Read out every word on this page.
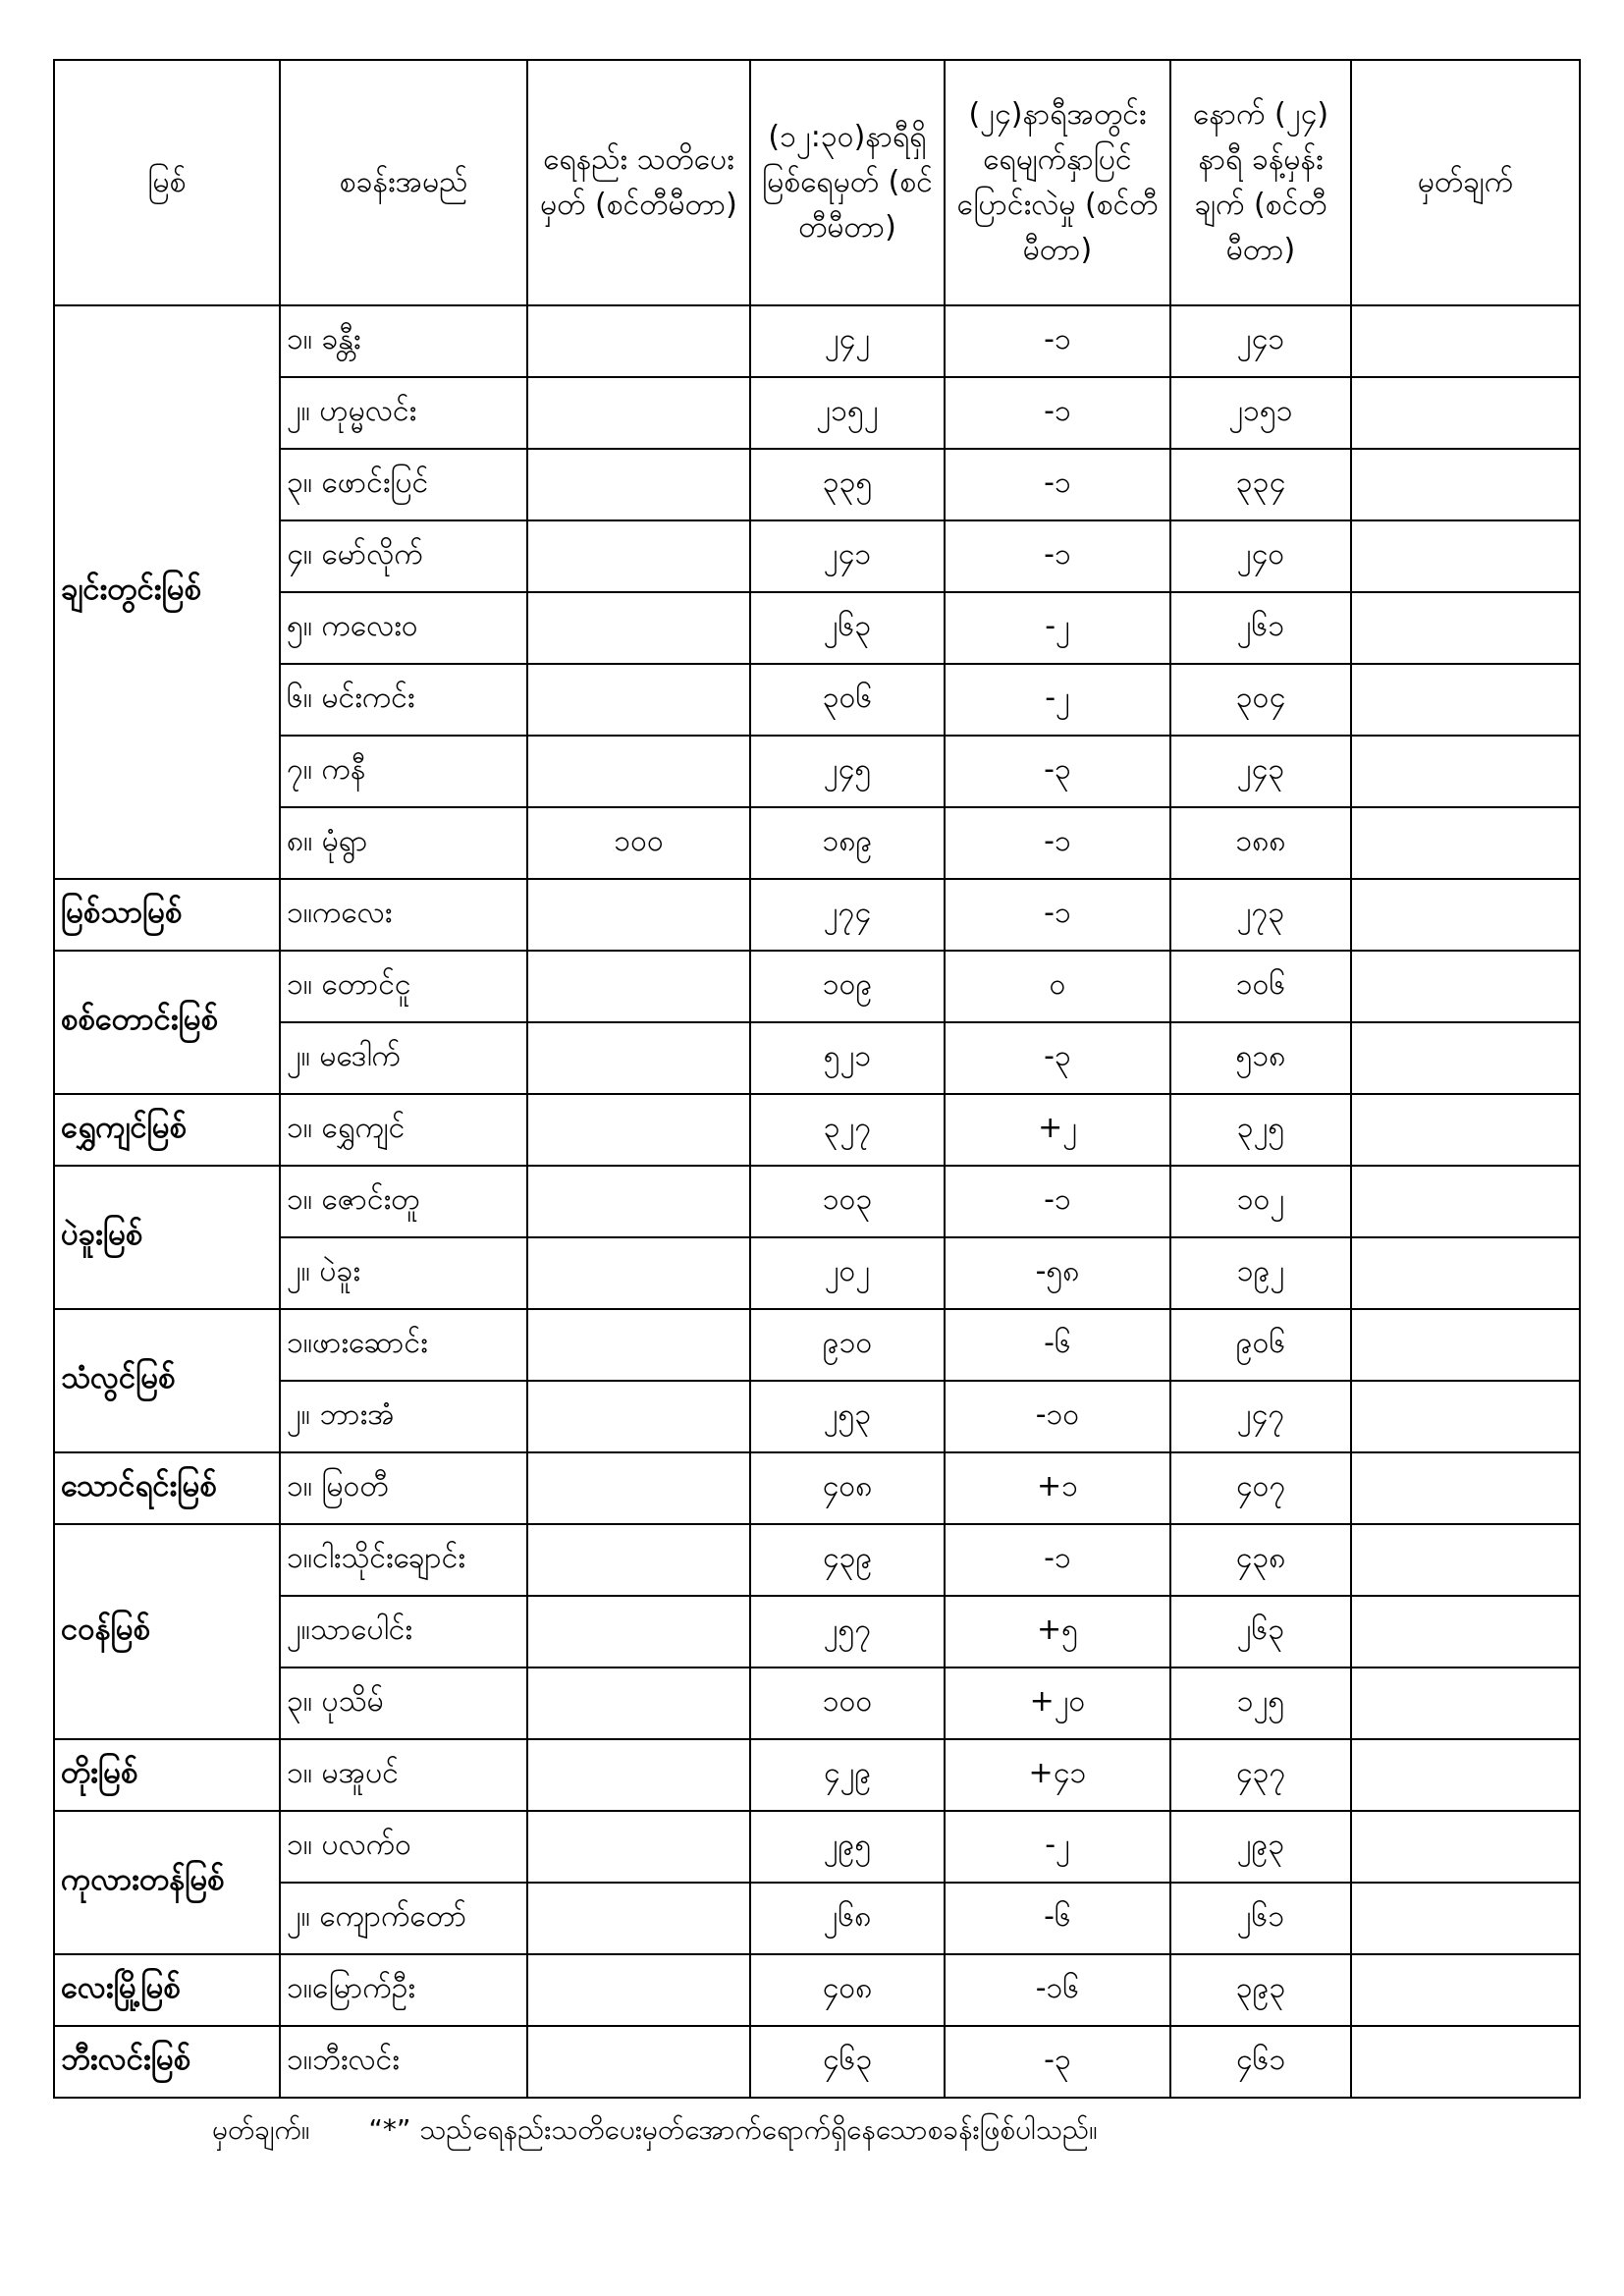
မြစ်	စခန်းအမည်	ရေနည်း သတိပေးမှတ် (စင်တီမီတာ)	(၁၂:၃၀)နာရီရှိ မြစ်ရေမှတ် (စင်တီမီတာ)	(၂၄)နာရီအတွင်း ရေမျက်နှာပြင် ပြောင်းလဲမှု (စင်တီမီတာ)	နောက် (၂၄) နာရီ ခန့်မှန်းချက် (စင်တီမီတာ)	မှတ်ချက်
ချင်းတွင်းမြစ်	၁။ ခန္တီး		၂၄၂	-၁	၂၄၁	
	၂။ ဟုမ္မလင်း		၂၁၅၂	-၁	၂၁၅၁	
	၃။ ဖောင်းပြင်		၃၃၅	-၁	၃၃၄	
	၄။ မော်လိုက်		၂၄၁	-၁	၂၄၀	
	၅။ ကလေးဝ		၂၆၃	-၂	၂၆၁	
	၆။ မင်းကင်း		၃၀၆	-၂	၃၀၄	
	၇။ ကနီ		၂၄၅	-၃	၂၄၃	
	၈။ မုံရွာ	၁၀၀	၁၈၉	-၁	၁၈၈	
မြစ်သာမြစ်	၁။ကလေး		၂၇၄	-၁	၂၇၃	
စစ်တောင်းမြစ်	၁။ တောင်ငူ		၁၀၉	၀	၁၀၆	
	၂။ မဒေါက်		၅၂၁	-၃	၅၁၈	
ရွှေကျင်မြစ်	၁။ ရွှေကျင်		၃၂၇	+၂	၃၂၅	
ပဲခူးမြစ်	၁။ ဇောင်းတူ		၁၀၃	-၁	၁၀၂	
	၂။ ပဲခူး		၂၀၂	-၅၈	၁၉၂	
သံလွင်မြစ်	၁။ဖားဆောင်း		၉၁၀	-၆	၉၀၆	
	၂။ ဘားအံ		၂၅၃	-၁၀	၂၄၇	
သောင်ရင်းမြစ်	၁။ မြဝတီ		၄၀၈	+၁	၄၀၇	
ငဝန်မြစ်	၁။ငါးသိုင်းချောင်း		၄၃၉	-၁	၄၃၈	
	၂။သာပေါင်း		၂၅၇	+၅	၂၆၃	
	၃။ ပုသိမ်		၁၀၀	+၂၀	၁၂၅	
တိုးမြစ်	၁။ မအူပင်		၄၂၉	+၄၁	၄၃၇	
ကုလားတန်မြစ်	၁။ ပလက်ဝ		၂၉၅	-၂	၂၉၃	
	၂။ ကျောက်တော်		၂၆၈	-၆	၂၆၁	
လေးမြို့မြစ်	၁။မြောက်ဦး		၄၀၈	-၁၆	၃၉၃	
ဘီးလင်းမြစ်	၁။ဘီးလင်း		၄၆၃	-၃	၄၆၁	
မှတ်ချက်။ “*” သည်ရေနည်းသတိပေးမှတ်အောက်ရောက်ရှိနေသောစခန်းဖြစ်ပါသည်။
